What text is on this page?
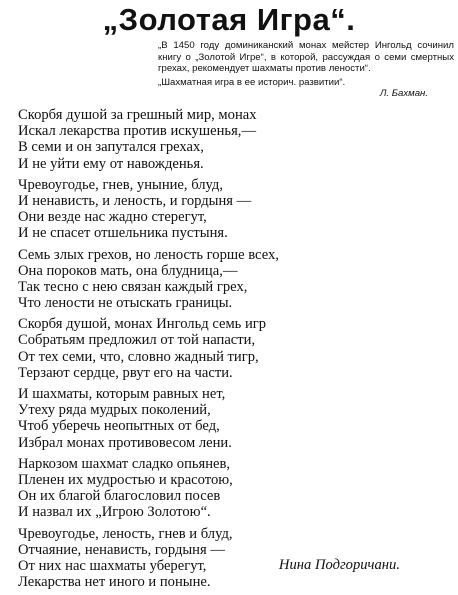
„Золотая Игра“.

„В 1450 году доминиканский монах мейстер Ингольд сочинил книгу о „Золотой Игре“, в которой, рассуждая о семи смертных грехах, рекомендует шахматы против лености“.

„Шахматная игра в ее историч. развитии“.

Л. Бахман.

Скорбя душой за грешный мир, монах
Искал лекарства против искушенья,—
В семи и он запутался грехах,
И не уйти ему от навожденья.
Чревоугодье, гнев, уныние, блуд,
И ненависть, и леность, и гордыня —
Они везде нас жадно стерегут,
И не спасет отшельника пустыня.
Семь злых грехов, но леность горше всех,
Она пороков мать, она блудница,—
Так тесно с нею связан каждый грех,
Что лености не отыскать границы.
Скорбя душой, монах Ингольд семь игр
Собратьям предложил от той напасти,
От тех семи, что, словно жадный тигр,
Терзают сердце, рвут его на части.
И шахматы, которым равных нет,
Утеху ряда мудрых поколений,
Чтоб уберечь неопытных от бед,
Избрал монах противовесом лени.
Наркозом шахмат сладко опьянев,
Пленен их мудростью и красотою,
Он их благой благословил посев
И назвал их „Игрою Золотою“.
Чревоугодье, леность, гнев и блуд,
Отчаяние, ненависть, гордыня —
От них нас шахматы уберегут,
Лекарства нет иного и поныне.
Нина Подгоричани.
